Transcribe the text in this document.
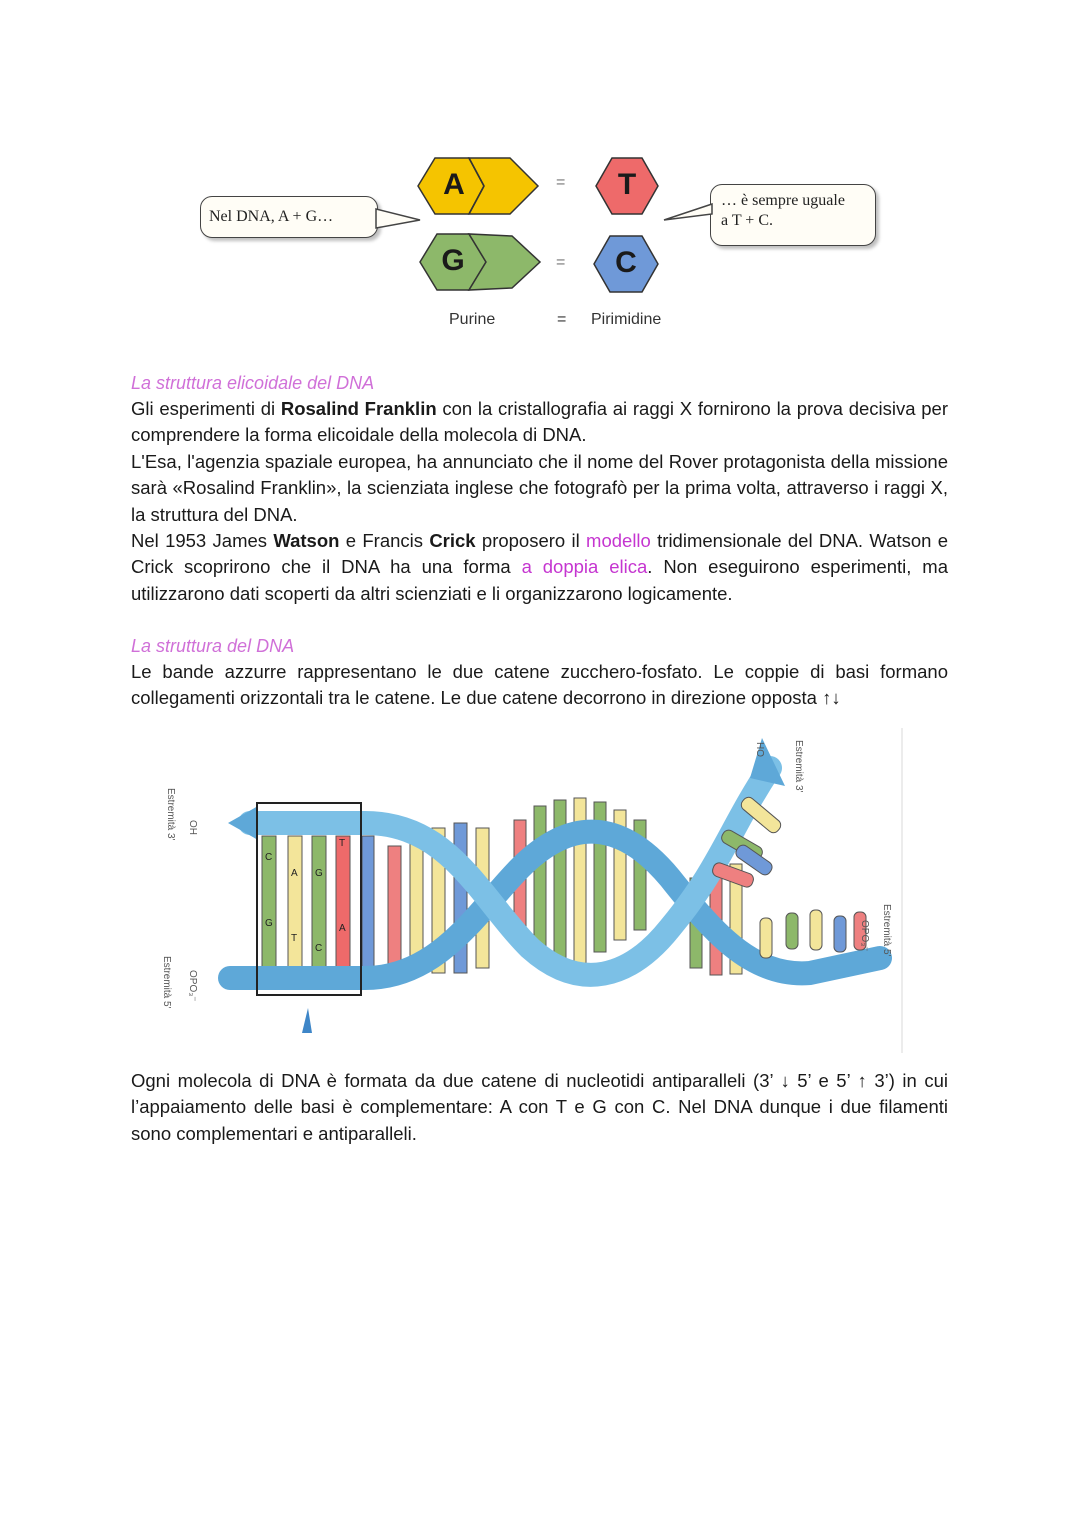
Nel DNA, A + G…
… è sempre uguale
a T + C.
A
G
T
C
=
=
Purine	= Pirimidine
La struttura elicoidale del DNA
Gli esperimenti di Rosalind Franklin con la cristallografia ai raggi X fornirono la prova decisiva per comprendere la forma elicoidale della molecola di DNA.
L'Esa, l'agenzia spaziale europea, ha annunciato che il nome del Rover protagonista della missione sarà «Rosalind Franklin», la scienziata inglese che fotografò per la prima volta, attraverso i raggi X, la struttura del DNA.
Nel 1953 James Watson e Francis Crick proposero il modello tridimensionale del DNA. Watson e Crick scoprirono che il DNA ha una forma a doppia elica. Non eseguirono esperimenti, ma utilizzarono dati scoperti da altri scienziati e li organizzarono logicamente.
La struttura del DNA
Le bande azzurre rappresentano le due catene zucchero-fosfato. Le coppie di basi formano collegamenti orizzontali tra le catene. Le due catene decorrono in direzione opposta ↑↓
C
A G
T
G
T
C
A
Estremità 3' OH
Estremità 5' OPO₃⁻
OH	Estremità 3'
Estremità 5'
OPO₃⁻
Ogni molecola di DNA è formata da due catene di nucleotidi antiparalleli (3’ ↓ 5’ e 5’ ↑ 3’) in cui l’appaiamento delle basi è complementare: A con T e G con C. Nel DNA dunque i due filamenti sono complementari e antiparalleli.
